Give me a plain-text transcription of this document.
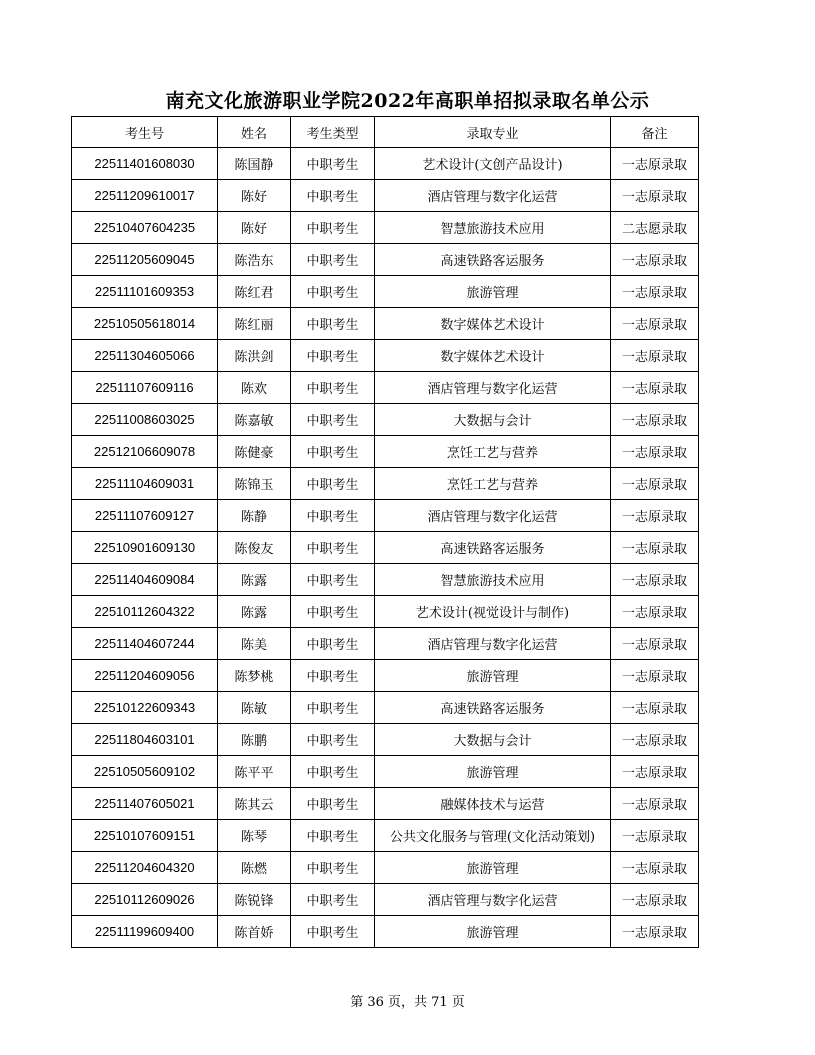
南充文化旅游职业学院2022年高职单招拟录取名单公示
考生号	姓名	考生类型	录取专业	备注
22511401608030	陈国静	中职考生	艺术设计(文创产品设计)	一志原录取
22511209610017	陈好	中职考生	酒店管理与数字化运营	一志原录取
22510407604235	陈好	中职考生	智慧旅游技术应用	二志愿录取
22511205609045	陈浩东	中职考生	高速铁路客运服务	一志原录取
22511101609353	陈红君	中职考生	旅游管理	一志原录取
22510505618014	陈红丽	中职考生	数字媒体艺术设计	一志原录取
22511304605066	陈洪剑	中职考生	数字媒体艺术设计	一志原录取
22511107609116	陈欢	中职考生	酒店管理与数字化运营	一志原录取
22511008603025	陈嘉敏	中职考生	大数据与会计	一志原录取
22512106609078	陈健豪	中职考生	烹饪工艺与营养	一志原录取
22511104609031	陈锦玉	中职考生	烹饪工艺与营养	一志原录取
22511107609127	陈静	中职考生	酒店管理与数字化运营	一志原录取
22510901609130	陈俊友	中职考生	高速铁路客运服务	一志原录取
22511404609084	陈露	中职考生	智慧旅游技术应用	一志原录取
22510112604322	陈露	中职考生	艺术设计(视觉设计与制作)	一志原录取
22511404607244	陈美	中职考生	酒店管理与数字化运营	一志原录取
22511204609056	陈梦桃	中职考生	旅游管理	一志原录取
22510122609343	陈敏	中职考生	高速铁路客运服务	一志原录取
22511804603101	陈鹏	中职考生	大数据与会计	一志原录取
22510505609102	陈平平	中职考生	旅游管理	一志原录取
22511407605021	陈其云	中职考生	融媒体技术与运营	一志原录取
22510107609151	陈琴	中职考生	公共文化服务与管理(文化活动策划)	一志原录取
22511204604320	陈燃	中职考生	旅游管理	一志原录取
22510112609026	陈锐锋	中职考生	酒店管理与数字化运营	一志原录取
22511199609400	陈首娇	中职考生	旅游管理	一志原录取
第 36 页，共 71 页
